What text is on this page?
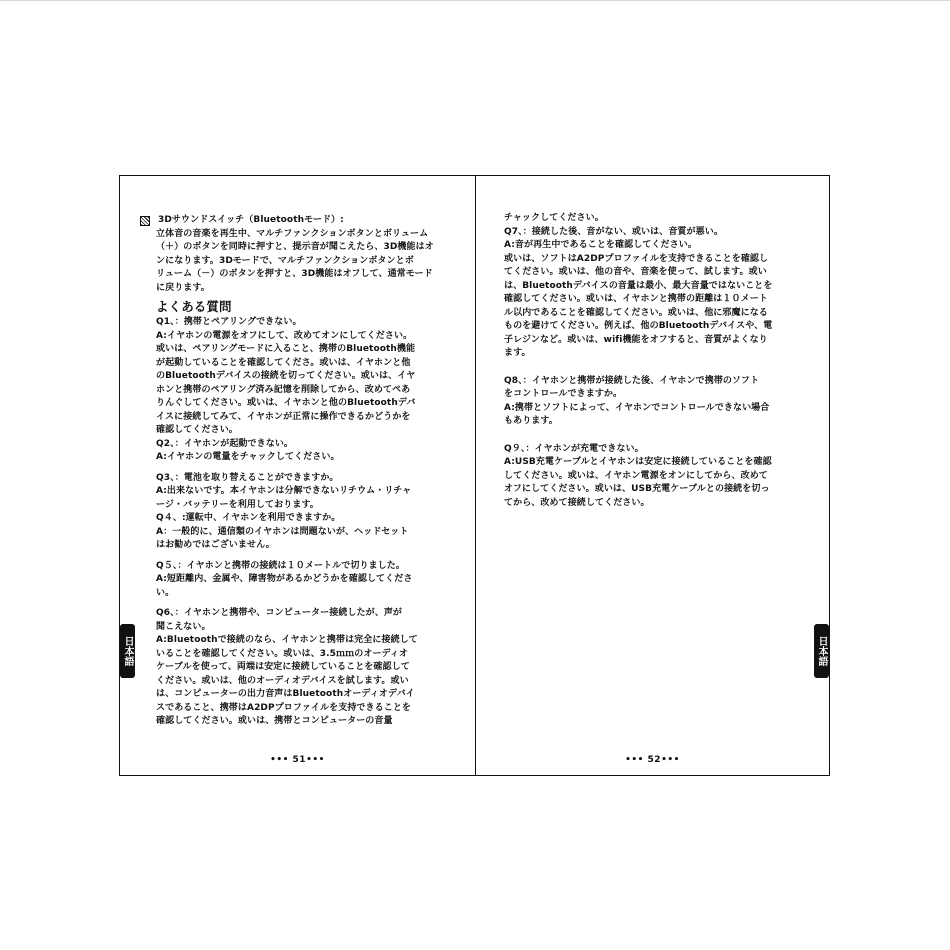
3Dサウンドスイッチ（Bluetoothモード）:
立体音の音楽を再生中、マルチファンクションボタンとボリューム
（＋）のボタンを同時に押すと、提示音が聞こえたら、3D機能はオ
ンになります。3Dモードで、マルチファンクションボタンとボ
リューム（－）のボタンを押すと、3D機能はオフして、通常モード
に戻ります。
よくある質問
Q1、：携帯とペアリングできない。
A:イヤホンの電源をオフにして、改めてオンにしてください。
或いは、ペアリングモードに入ること、携帯のBluetooth機能
が起動していることを確認してくださ。或いは、イヤホンと他
のBluetoothデバイスの接続を切ってください。或いは、イヤ
ホンと携帯のペアリング済み記憶を削除してから、改めてペあ
りんぐしてください。或いは、イヤホンと他のBluetoothデバ
イスに接続してみて、イヤホンが正常に操作できるかどうかを
確認してください。
Q2、：イヤホンが起動できない。
A:イヤホンの電量をチャックしてください。
Q3、：電池を取り替えることができますか。
A:出来ないです。本イヤホンは分解できないリチウム・リチャ
ージ・バッテリーを利用しております。
Q４、:運転中、イヤホンを利用できますか。
A：一般的に、通信類のイヤホンは問題ないが、ヘッドセット
はお勧めではございません。
Q５、：イヤホンと携帯の接続は１０メートルで切りました。
A:短距離内、金属や、障害物があるかどうかを確認してくださ
い。
Q6、：イヤホンと携帯や、コンピューター接続したが、声が
聞こえない。
A:Bluetoothで接続のなら、イヤホンと携帯は完全に接続して
いることを確認してください。或いは、3.5ｍｍのオーディオ
ケーブルを使って、両端は安定に接続していることを確認して
ください。或いは、他のオーディオデバイスを試します。或い
は、コンピューターの出力音声はBluetoothオーディオデバイ
スであること、携帯はA2DPプロファイルを支持できることを
確認してください。或いは、携帯とコンピューターの音量
日本語
••• 51•••
チャックしてください。
Q7、：接続した後、音がない、或いは、音質が悪い。
A:音が再生中であることを確認してください。
或いは、ソフトはA2DPプロファイルを支持できることを確認し
てください。或いは、他の音や、音楽を使って、試します。或い
は、Bluetoothデバイスの音量は最小、最大音量ではないことを
確認してください。或いは、イヤホンと携帯の距離は１０メート
ル以内であることを確認してください。或いは、他に邪魔になる
ものを避けてください。例えば、他のBluetoothデバイスや、電
子レジンなど。或いは、wifi機能をオフすると、音質がよくなり
ます。
Q8、：イヤホンと携帯が接続した後、イヤホンで携帯のソフト
をコントロールできますか。
A:携帯とソフトによって、イヤホンでコントロールできない場合
もあります。
Q９、：イヤホンが充電できない。
A:USB充電ケーブルとイヤホンは安定に接続していることを確認
してください。或いは、イヤホン電源をオンにしてから、改めて
オフにしてください。或いは、USB充電ケーブルとの接続を切っ
てから、改めて接続してください。
日本語
••• 52•••
